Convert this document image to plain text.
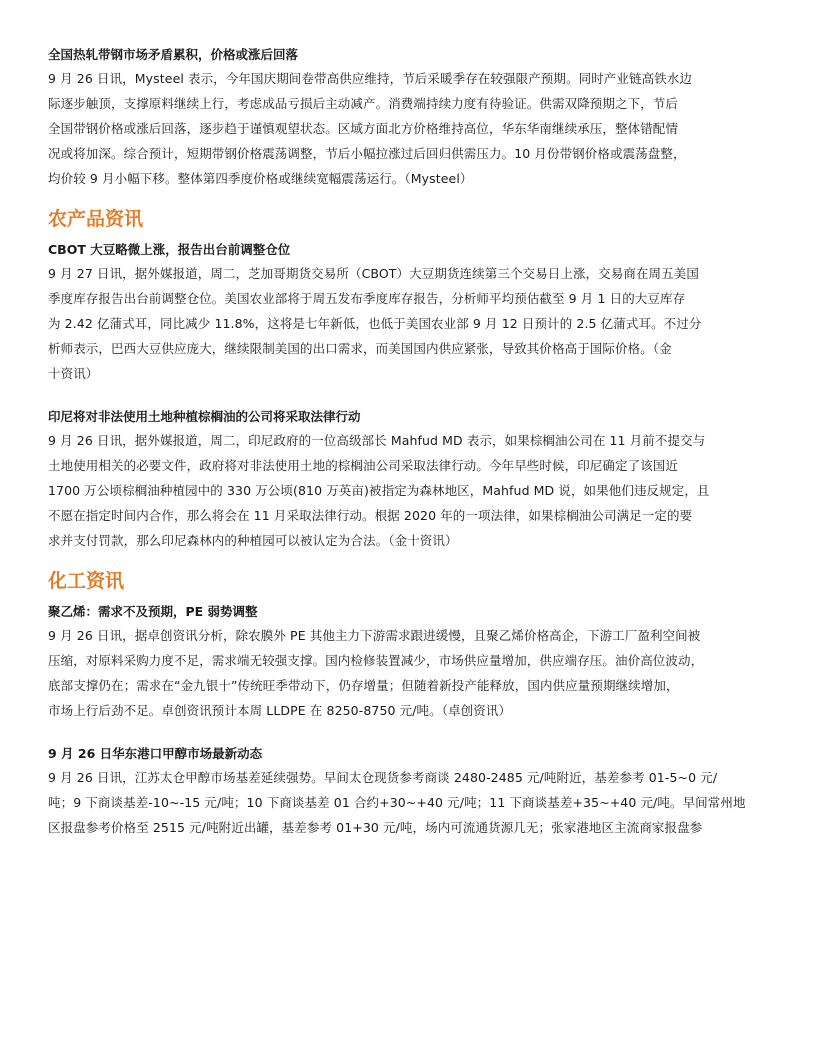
全国热轧带钢市场矛盾累积，价格或涨后回落

9 月 26 日讯，Mysteel 表示，今年国庆期间卷带高供应维持，节后采暖季存在较强限产预期。同时产业链高铁水边
际逐步触顶，支撑原料继续上行，考虑成品亏损后主动减产。消费端持续力度有待验证。供需双降预期之下，节后
全国带钢价格或涨后回落，逐步趋于谨慎观望状态。区域方面北方价格维持高位，华东华南继续承压，整体错配情
况或将加深。综合预计，短期带钢价格震荡调整，节后小幅拉涨过后回归供需压力。10 月份带钢价格或震荡盘整，
均价较 9 月小幅下移。整体第四季度价格或继续宽幅震荡运行。（Mysteel）

农产品资讯
CBOT 大豆略微上涨，报告出台前调整仓位

9 月 27 日讯，据外媒报道，周二，芝加哥期货交易所（CBOT）大豆期货连续第三个交易日上涨，交易商在周五美国
季度库存报告出台前调整仓位。美国农业部将于周五发布季度库存报告，分析师平均预估截至 9 月 1 日的大豆库存
为 2.42 亿蒲式耳，同比减少 11.8%，这将是七年新低，也低于美国农业部 9 月 12 日预计的 2.5 亿蒲式耳。不过分
析师表示，巴西大豆供应庞大，继续限制美国的出口需求，而美国国内供应紧张，导致其价格高于国际价格。（金
十资讯）

印尼将对非法使用土地种植棕榈油的公司将采取法律行动

9 月 26 日讯，据外媒报道，周二，印尼政府的一位高级部长 Mahfud MD 表示，如果棕榈油公司在 11 月前不提交与
土地使用相关的必要文件，政府将对非法使用土地的棕榈油公司采取法律行动。今年早些时候，印尼确定了该国近
1700 万公顷棕榈油种植园中的 330 万公顷(810 万英亩)被指定为森林地区，Mahfud MD 说，如果他们违反规定，且
不愿在指定时间内合作，那么将会在 11 月采取法律行动。根据 2020 年的一项法律，如果棕榈油公司满足一定的要
求并支付罚款，那么印尼森林内的种植园可以被认定为合法。（金十资讯）

化工资讯
聚乙烯：需求不及预期，PE 弱势调整

9 月 26 日讯，据卓创资讯分析，除农膜外 PE 其他主力下游需求跟进缓慢，且聚乙烯价格高企，下游工厂盈利空间被
压缩，对原料采购力度不足，需求端无较强支撑。国内检修装置减少，市场供应量增加，供应端存压。油价高位波动，
底部支撑仍在；需求在“金九银十”传统旺季带动下，仍存增量；但随着新投产能释放，国内供应量预期继续增加，
市场上行后劲不足。卓创资讯预计本周 LLDPE 在 8250-8750 元/吨。（卓创资讯）

9 月 26 日华东港口甲醇市场最新动态

9 月 26 日讯，江苏太仓甲醇市场基差延续强势。早间太仓现货参考商谈 2480-2485 元/吨附近，基差参考 01-5~0 元/
吨；9 下商谈基差-10~-15 元/吨；10 下商谈基差 01 合约+30~+40 元/吨；11 下商谈基差+35~+40 元/吨。早间常州地
区报盘参考价格至 2515 元/吨附近出罐，基差参考 01+30 元/吨，场内可流通货源几无；张家港地区主流商家报盘参
